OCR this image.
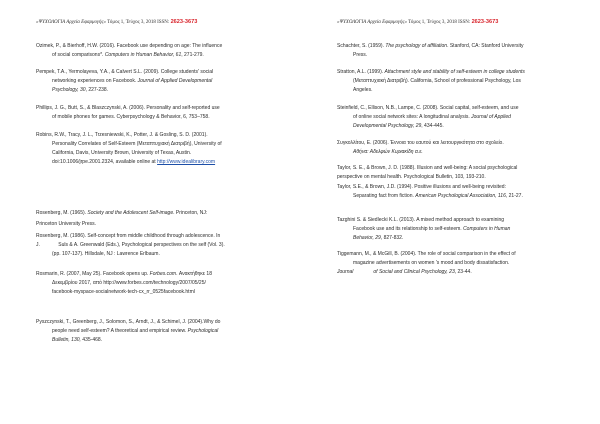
«ΨΥΧΟΛΟΓΙΑ Αρχεία Εφαρμογής» Τόμος 1, Τεύχος 3, 2018 ISSN: 2623-3673
Ozimek, P., & Bierhoff, H.W. (2016). Facebook use depending on age: The influence
of social comparisons*. Computers in Human Behavior, 61, 271-279.
Pempek, T.A., Yermolayeva, Y.A., & Calvert S.L. (2009). College students' social
networking experiences on Facebook. Journal of Applied Developmental
Psychology, 30, 227-238.
Phillips, J. G., Butt, S., & Blaszczynski, A. (2006). Personality and self-reported use
of mobile phones for games. Cyberpsychology & Behavior, 6, 753–758.
Robins, R.W., Tracy, J. L., Trzesniewski, K., Potter, J. & Gosling, S. D. (2001).
Personality Correlates of Self-Esteem (Μεταπτυχιακή Διατριβή), University of
California, Davis, University Brown, University of Texas, Austin.
doi:10.1006/jrpe.2001.2324, available online at http://www.idealibrary.com
Rosenberg, M. (1965). Society and the Adolescent Self-image. Princeton, NJ:
Princeton University Press.
Rosenberg, M. (1986). Self-concept from middle childhood through adolescence. In
J.	Suls & A. Greenwald (Eds.), Psychological perspectives on the self (Vol. 3).
(pp. 107-137). Hillsdale, NJ : Lawrence Erlbaum.
Rosmarin, R. (2007, May 25). Facebook opens up. Forbes.com. Ανακτήθηκε 18
Δεκεμβρίου 2017, από http://www.forbes.com/technology/2007/05/25/
facebook-myspace-socialnetwork-tech-cx_rr_0525facebook.html
Pyszczynski, T., Greenberg, J., Solomon, S., Arndt, J., & Schimel, J. (2004).Why do
people need self-esteem? A theoretical and empirical review. Psychological
Bulletin, 130, 435-468.
«ΨΥΧΟΛΟΓΙΑ Αρχεία Εφαρμογής» Τόμος 1, Τεύχος 3, 2018 ISSN: 2623-3673
Schachter, S. (1959). The psychology of affiliation. Stanford, CA: Stanford University
Press.
Stratton, A.L. (1999). Attachment style and stability of self-esteem in college students
(Μεταπτυχιακή Διατριβή). California, School of professional Psychology, Los
Angeles.
Steinfield, C., Ellison, N.B., Lampe, C. (2008). Social capital, self-esteem, and use
of online social network sites: A longitudinal analysis. Journal of Applied
Developmental Psychology, 29, 434-445.
Συγκολλίτου, Ε. (2006). Έννοια του εαυτού και λειτουργικότητα στο σχολείο.
Αθήνα: Αδελφών Κυριακίδη α.ε.
Taylor, S. E., & Brown, J. D. (1988). Illusion and well-being: A social psychological
perspective on mental health. Psychological Bulletin, 103, 193-210.
Taylor, S.E., & Brown, J.D. (1994). Positive illusions and well-being revisited:
Separating fact from fiction. American Psychological Association, 116, 21-27.
Tazghini S. & Siedlecki K.L. (2013). A mixed method approach to examining
Facebook use and its relationship to self-esteem. Computers in Human
Behavior, 29, 827-832.
Tiggemann, M., & McGill, B. (2004). The role of social comparison in the effect of
magazine advertisements on women 's mood and body dissatisfaction.
Journal	of Social and Clinical Psychology, 23, 23-44.
